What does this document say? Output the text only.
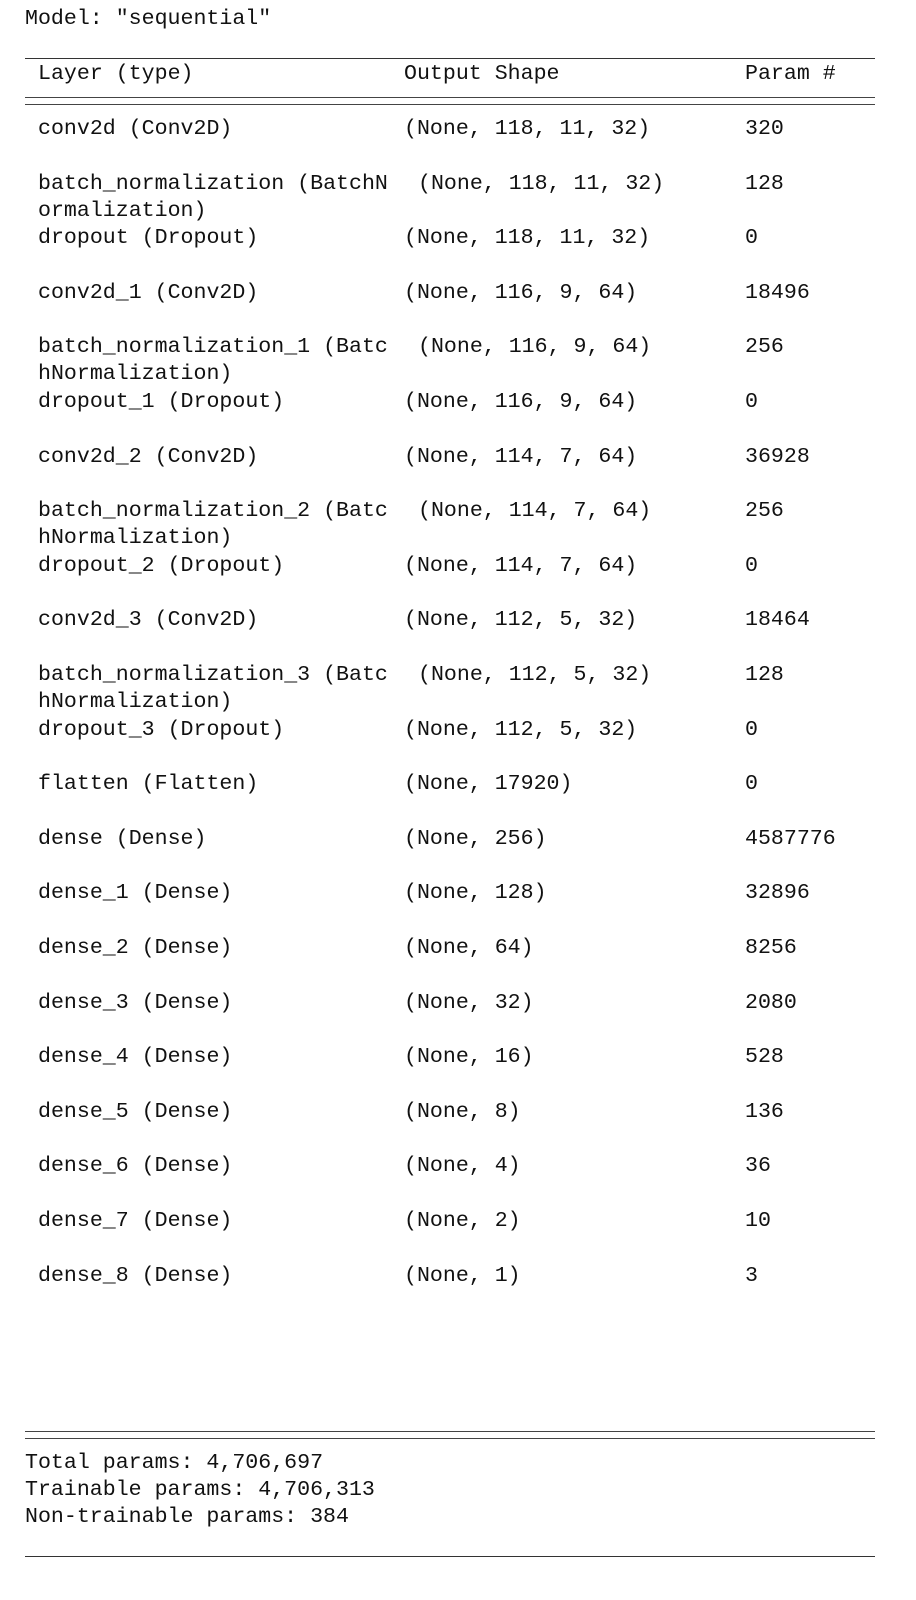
Model: "sequential"
Layer (type)	Output Shape	Param #
conv2d (Conv2D)	(None, 118, 11, 32)	320
batch_normalization (BatchN
ormalization)
(None, 118, 11, 32)	128
dropout (Dropout)	(None, 118, 11, 32)	0
conv2d_1 (Conv2D)	(None, 116, 9, 64)	18496
batch_normalization_1 (Batc
hNormalization)
(None, 116, 9, 64)	256
dropout_1 (Dropout)	(None, 116, 9, 64)	0
conv2d_2 (Conv2D)	(None, 114, 7, 64)	36928
batch_normalization_2 (Batc
hNormalization)
(None, 114, 7, 64)	256
dropout_2 (Dropout)	(None, 114, 7, 64)	0
conv2d_3 (Conv2D)	(None, 112, 5, 32)	18464
batch_normalization_3 (Batc
hNormalization)
(None, 112, 5, 32)	128
dropout_3 (Dropout)	(None, 112, 5, 32)	0
flatten (Flatten)	(None, 17920)	0
dense (Dense)	(None, 256)	4587776
dense_1 (Dense)	(None, 128)	32896
dense_2 (Dense)	(None, 64)	8256
dense_3 (Dense)	(None, 32)	2080
dense_4 (Dense)	(None, 16)	528
dense_5 (Dense)	(None, 8)	136
dense_6 (Dense)	(None, 4)	36
dense_7 (Dense)	(None, 2)	10
dense_8 (Dense)	(None, 1)	3
Total params: 4,706,697
Trainable params: 4,706,313
Non-trainable params: 384
